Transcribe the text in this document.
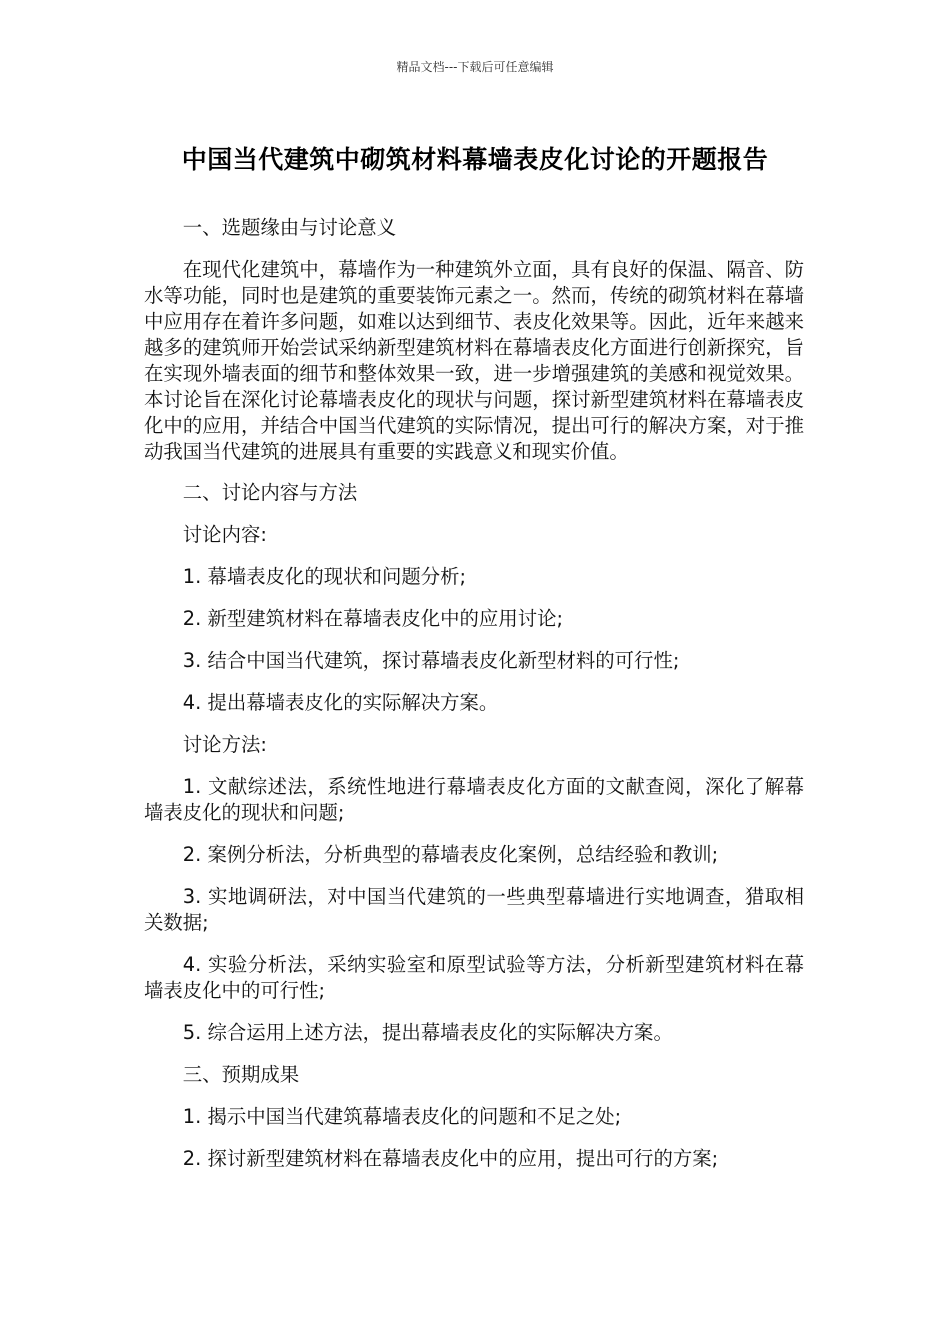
精品文档---下载后可任意编辑
中国当代建筑中砌筑材料幕墙表皮化讨论的开题报告

一、选题缘由与讨论意义

在现代化建筑中，幕墙作为一种建筑外立面，具有良好的保温、隔音、防水等功能，同时也是建筑的重要装饰元素之一。然而，传统的砌筑材料在幕墙中应用存在着许多问题，如难以达到细节、表皮化效果等。因此，近年来越来越多的建筑师开始尝试采纳新型建筑材料在幕墙表皮化方面进行创新探究，旨在实现外墙表面的细节和整体效果一致，进一步增强建筑的美感和视觉效果。本讨论旨在深化讨论幕墙表皮化的现状与问题，探讨新型建筑材料在幕墙表皮化中的应用，并结合中国当代建筑的实际情况，提出可行的解决方案，对于推动我国当代建筑的进展具有重要的实践意义和现实价值。

二、讨论内容与方法

讨论内容:

1. 幕墙表皮化的现状和问题分析;

2. 新型建筑材料在幕墙表皮化中的应用讨论;

3. 结合中国当代建筑，探讨幕墙表皮化新型材料的可行性;

4. 提出幕墙表皮化的实际解决方案。

讨论方法:

1. 文献综述法，系统性地进行幕墙表皮化方面的文献查阅，深化了解幕墙表皮化的现状和问题;

2. 案例分析法，分析典型的幕墙表皮化案例，总结经验和教训;

3. 实地调研法，对中国当代建筑的一些典型幕墙进行实地调查，猎取相关数据;

4. 实验分析法，采纳实验室和原型试验等方法，分析新型建筑材料在幕墙表皮化中的可行性;

5. 综合运用上述方法，提出幕墙表皮化的实际解决方案。

三、预期成果

1. 揭示中国当代建筑幕墙表皮化的问题和不足之处;

2. 探讨新型建筑材料在幕墙表皮化中的应用，提出可行的方案;
